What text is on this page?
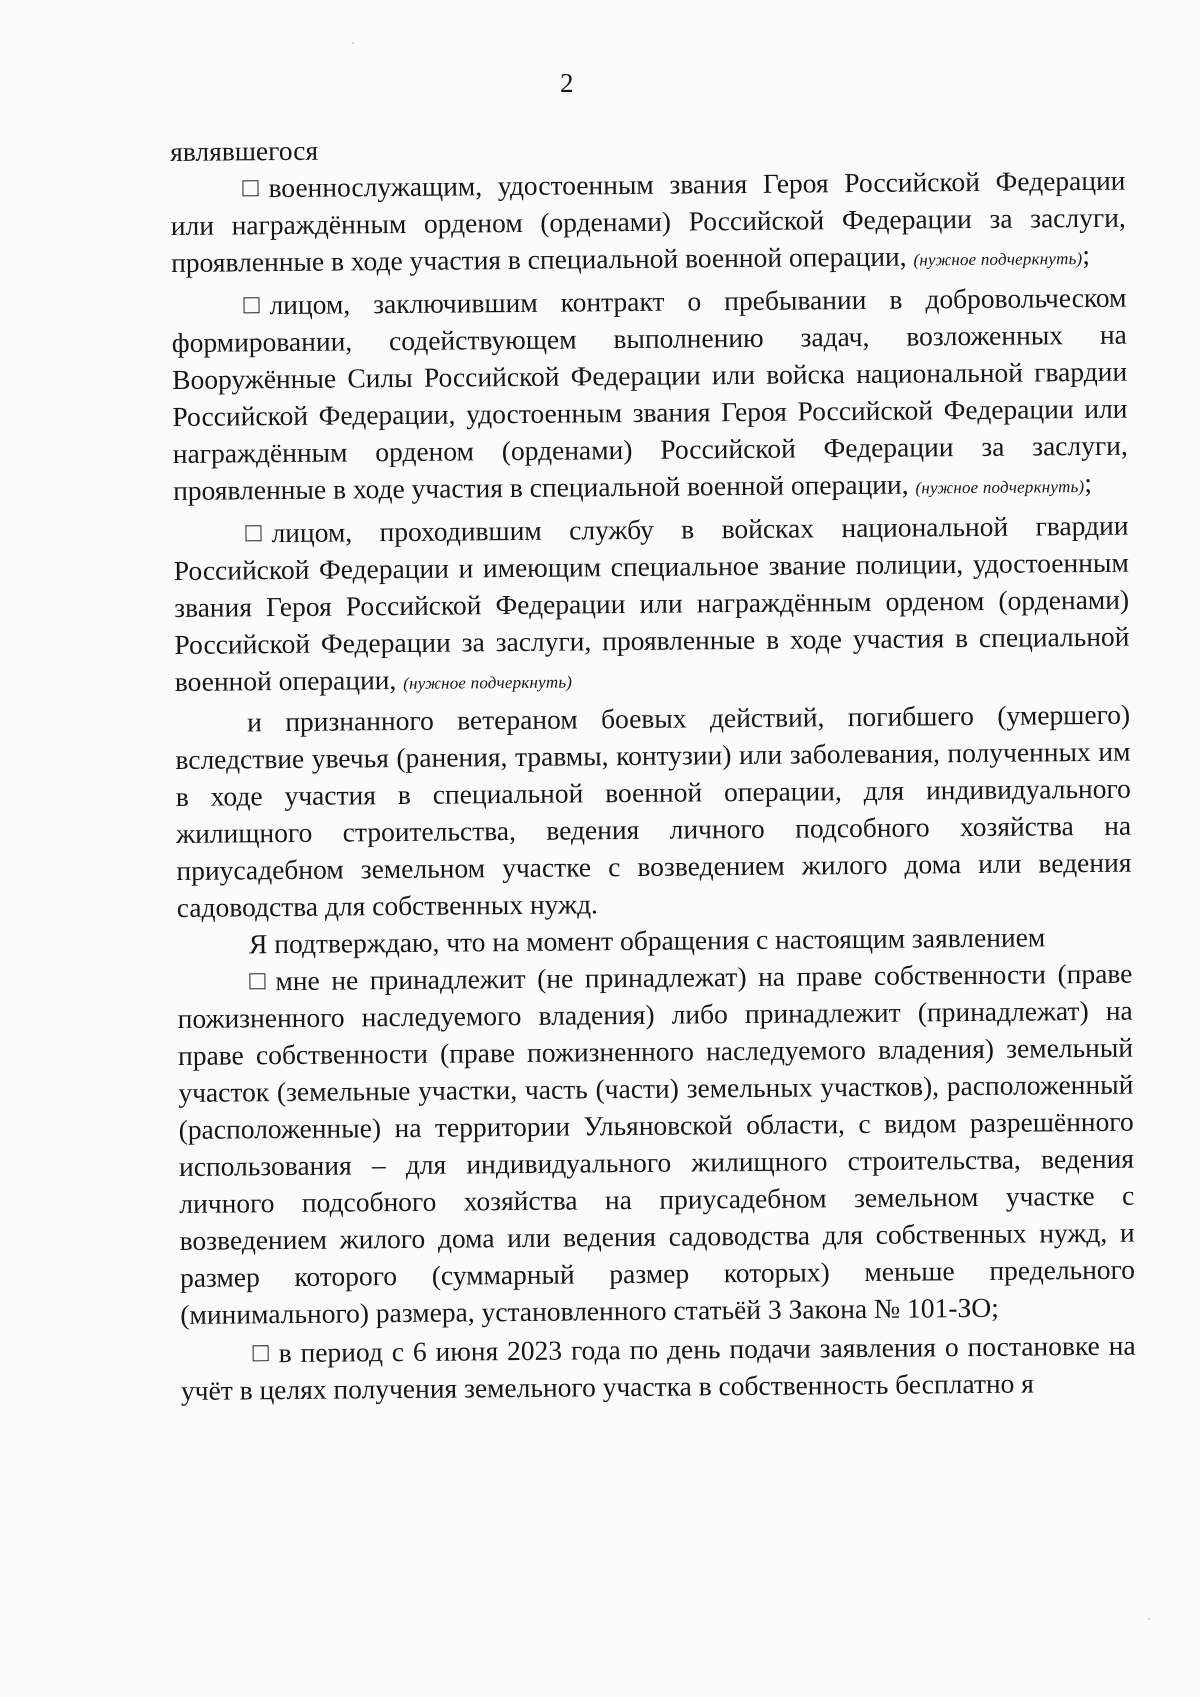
2

являвшегося

военнослужащим, удостоенным звания Героя Российской Федерации или награждённым орденом (орденами) Российской Федерации за заслуги, проявленные в ходе участия в специальной военной операции, (нужное подчеркнуть);

лицом, заключившим контракт о пребывании в добровольческом формировании, содействующем выполнению задач, возложенных на Вооружённые Силы Российской Федерации или войска национальной гвардии Российской Федерации, удостоенным звания Героя Российской Федерации или награждённым орденом (орденами) Российской Федерации за заслуги, проявленные в ходе участия в специальной военной операции, (нужное подчеркнуть);

лицом, проходившим службу в войсках национальной гвардии Российской Федерации и имеющим специальное звание полиции, удостоенным звания Героя Российской Федерации или награждённым орденом (орденами) Российской Федерации за заслуги, проявленные в ходе участия в специальной военной операции, (нужное подчеркнуть)

и признанного ветераном боевых действий, погибшего (умершего) вследствие увечья (ранения, травмы, контузии) или заболевания, полученных им в ходе участия в специальной военной операции, для индивидуального жилищного строительства, ведения личного подсобного хозяйства на приусадебном земельном участке с возведением жилого дома или ведения садоводства для собственных нужд.

Я подтверждаю, что на момент обращения с настоящим заявлением

мне не принадлежит (не принадлежат) на праве собственности (праве пожизненного наследуемого владения) либо принадлежит (принадлежат) на праве собственности (праве пожизненного наследуемого владения) земельный участок (земельные участки, часть (части) земельных участков), расположенный (расположенные) на территории Ульяновской области, с видом разрешённого использования – для индивидуального жилищного строительства, ведения личного подсобного хозяйства на приусадебном земельном участке с возведением жилого дома или ведения садоводства для собственных нужд, и размер которого (суммарный размер которых) меньше предельного (минимального) размера, установленного статьёй 3 Закона № 101-ЗО;

в период с 6 июня 2023 года по день подачи заявления о постановке на учёт в целях получения земельного участка в собственность бесплатно я
